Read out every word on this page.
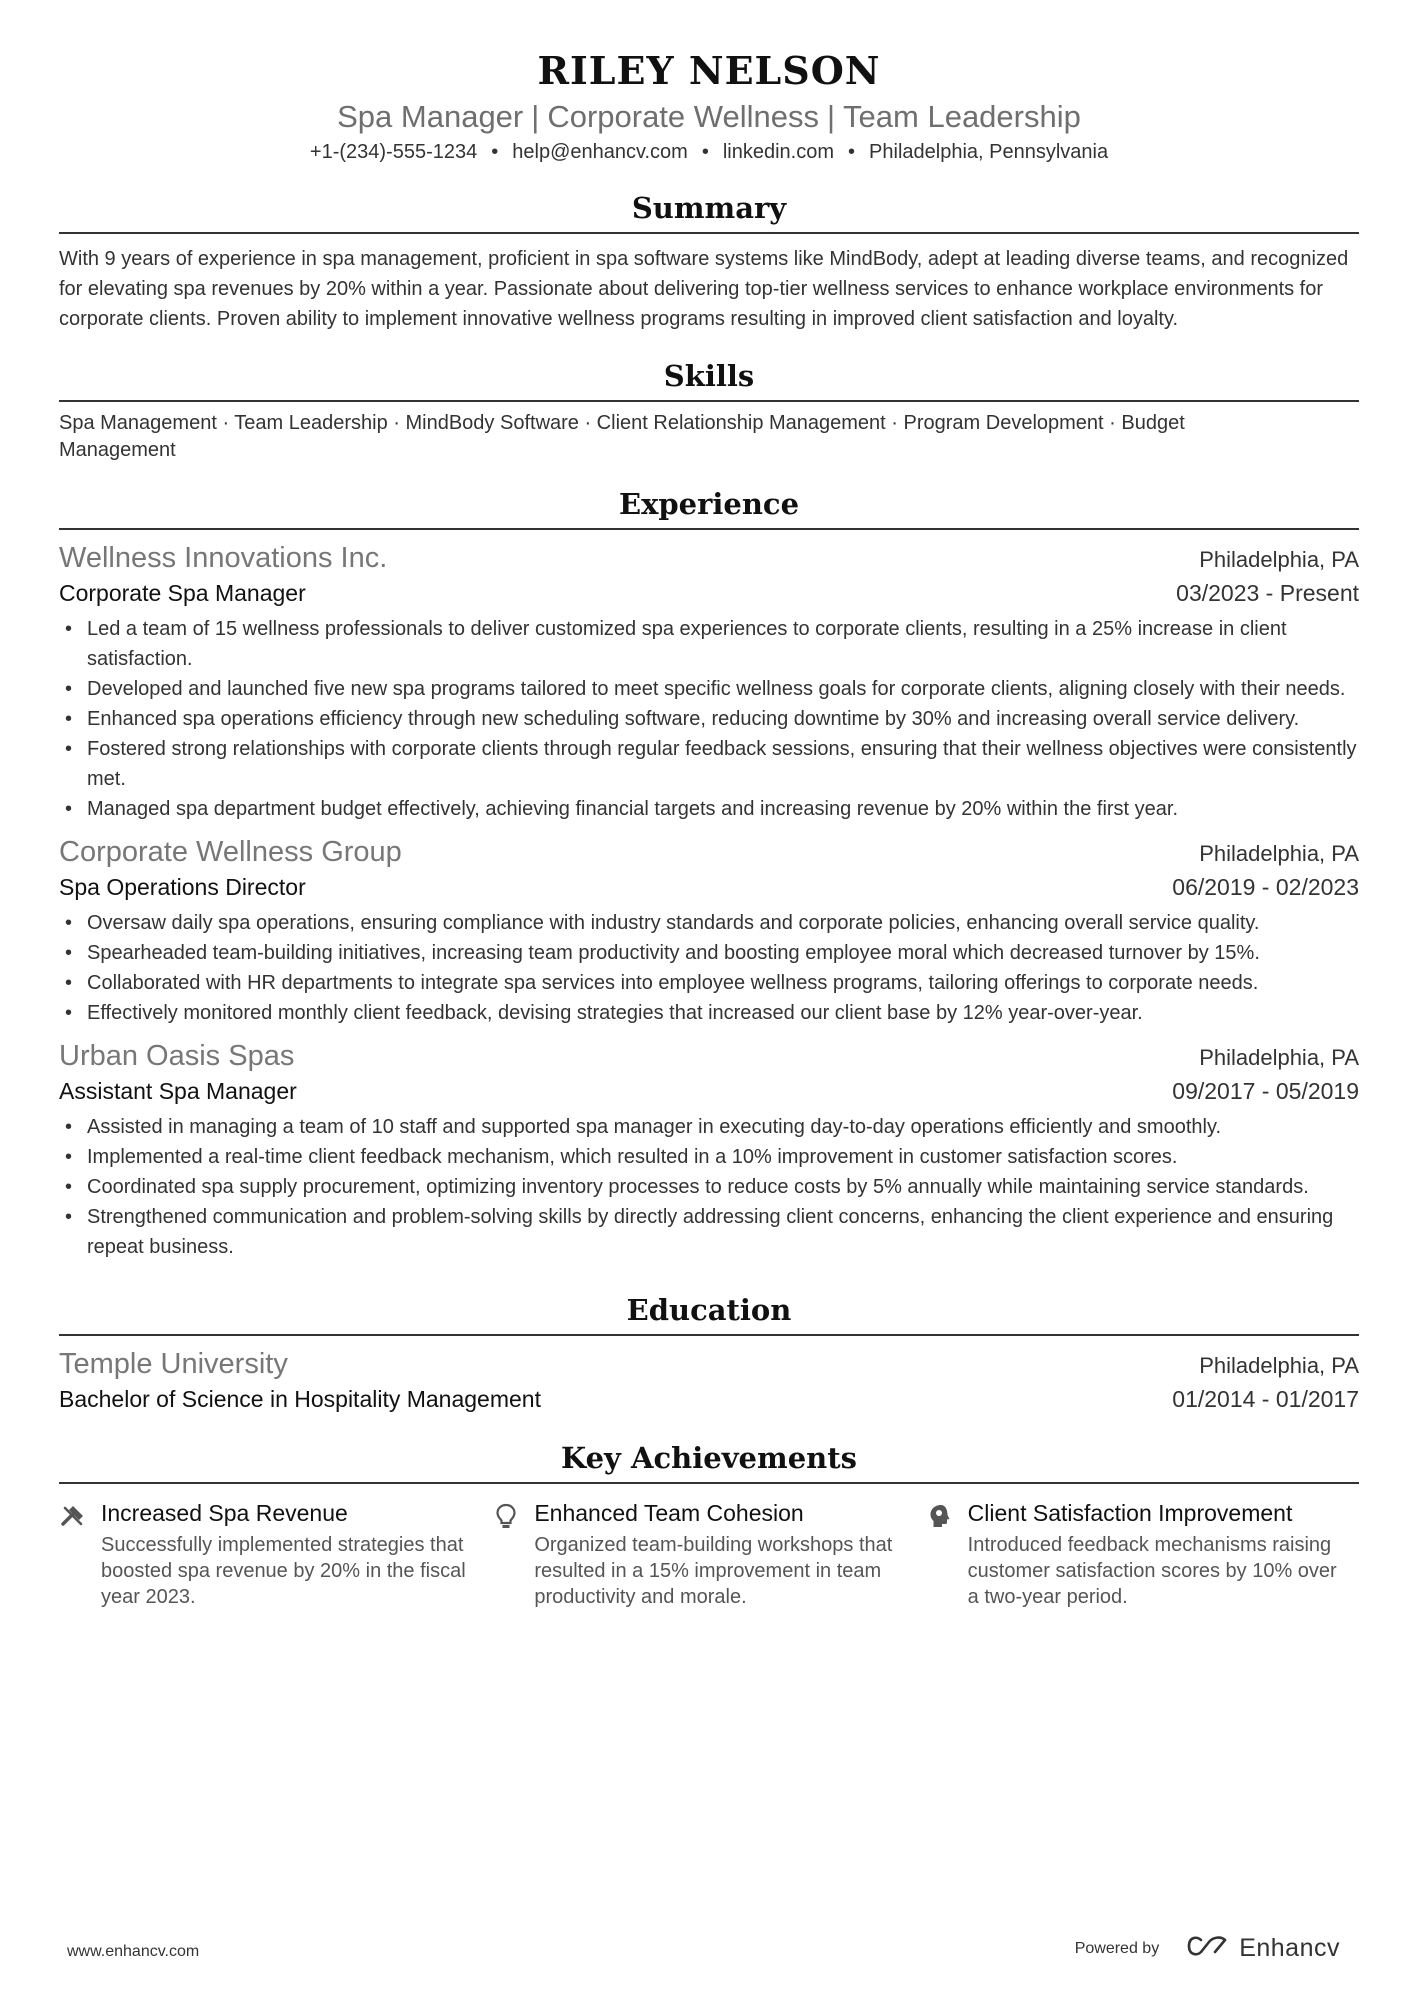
RILEY NELSON
Spa Manager | Corporate Wellness | Team Leadership
+1-(234)-555-1234 • help@enhancv.com • linkedin.com • Philadelphia, Pennsylvania
Summary
With 9 years of experience in spa management, proficient in spa software systems like MindBody, adept at leading diverse teams, and recognized for elevating spa revenues by 20% within a year. Passionate about delivering top-tier wellness services to enhance workplace environments for corporate clients. Proven ability to implement innovative wellness programs resulting in improved client satisfaction and loyalty.
Skills
Spa Management · Team Leadership · MindBody Software · Client Relationship Management · Program Development · Budget Management
Experience
Wellness Innovations Inc.	Philadelphia, PA
Corporate Spa Manager	03/2023 - Present
• Led a team of 15 wellness professionals to deliver customized spa experiences to corporate clients, resulting in a 25% increase in client satisfaction.
• Developed and launched five new spa programs tailored to meet specific wellness goals for corporate clients, aligning closely with their needs.
• Enhanced spa operations efficiency through new scheduling software, reducing downtime by 30% and increasing overall service delivery.
• Fostered strong relationships with corporate clients through regular feedback sessions, ensuring that their wellness objectives were consistently met.
• Managed spa department budget effectively, achieving financial targets and increasing revenue by 20% within the first year.
Corporate Wellness Group	Philadelphia, PA
Spa Operations Director	06/2019 - 02/2023
• Oversaw daily spa operations, ensuring compliance with industry standards and corporate policies, enhancing overall service quality.
• Spearheaded team-building initiatives, increasing team productivity and boosting employee moral which decreased turnover by 15%.
• Collaborated with HR departments to integrate spa services into employee wellness programs, tailoring offerings to corporate needs.
• Effectively monitored monthly client feedback, devising strategies that increased our client base by 12% year-over-year.
Urban Oasis Spas	Philadelphia, PA
Assistant Spa Manager	09/2017 - 05/2019
• Assisted in managing a team of 10 staff and supported spa manager in executing day-to-day operations efficiently and smoothly.
• Implemented a real-time client feedback mechanism, which resulted in a 10% improvement in customer satisfaction scores.
• Coordinated spa supply procurement, optimizing inventory processes to reduce costs by 5% annually while maintaining service standards.
• Strengthened communication and problem-solving skills by directly addressing client concerns, enhancing the client experience and ensuring repeat business.
Education
Temple University	Philadelphia, PA
Bachelor of Science in Hospitality Management	01/2014 - 01/2017
Key Achievements
Increased Spa Revenue
Successfully implemented strategies that boosted spa revenue by 20% in the fiscal year 2023.
Enhanced Team Cohesion
Organized team-building workshops that resulted in a 15% improvement in team productivity and morale.
Client Satisfaction Improvement
Introduced feedback mechanisms raising customer satisfaction scores by 10% over a two-year period.
www.enhancv.com	Powered by	Enhancv
